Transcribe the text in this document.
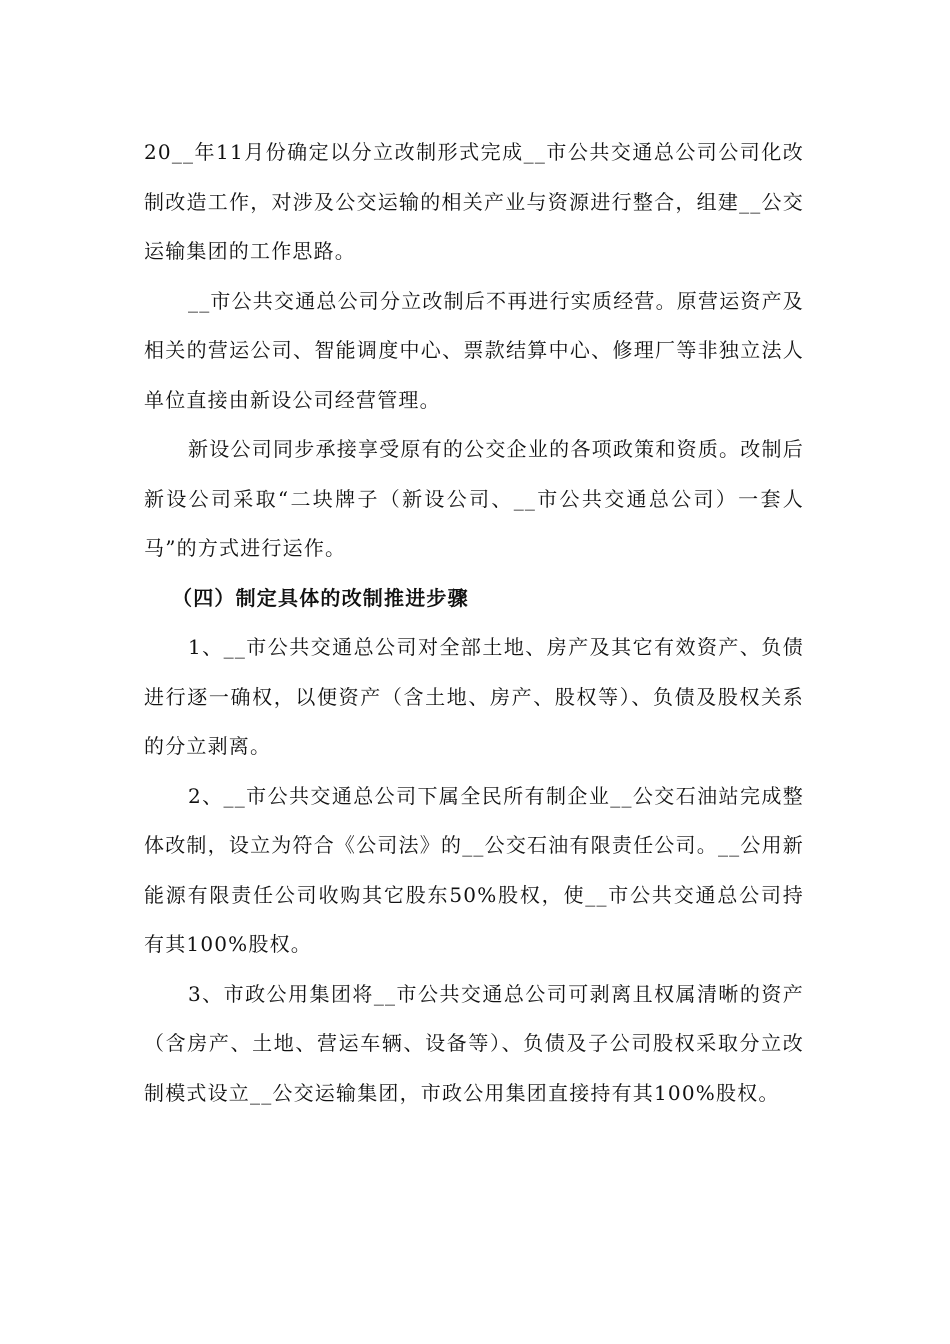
20__年11月份确定以分立改制形式完成__市公共交通总公司公司化改制改造工作，对涉及公交运输的相关产业与资源进行整合，组建__公交运输集团的工作思路。

__市公共交通总公司分立改制后不再进行实质经营。原营运资产及相关的营运公司、智能调度中心、票款结算中心、修理厂等非独立法人单位直接由新设公司经营管理。

新设公司同步承接享受原有的公交企业的各项政策和资质。改制后新设公司采取“二块牌子（新设公司、__市公共交通总公司）一套人马”的方式进行运作。

（四）制定具体的改制推进步骤

1、__市公共交通总公司对全部土地、房产及其它有效资产、负债进行逐一确权，以便资产（含土地、房产、股权等）、负债及股权关系的分立剥离。

2、__市公共交通总公司下属全民所有制企业__公交石油站完成整体改制，设立为符合《公司法》的__公交石油有限责任公司。__公用新能源有限责任公司收购其它股东50%股权，使__市公共交通总公司持有其100%股权。

3、市政公用集团将__市公共交通总公司可剥离且权属清晰的资产（含房产、土地、营运车辆、设备等）、负债及子公司股权采取分立改制模式设立__公交运输集团，市政公用集团直接持有其100%股权。
